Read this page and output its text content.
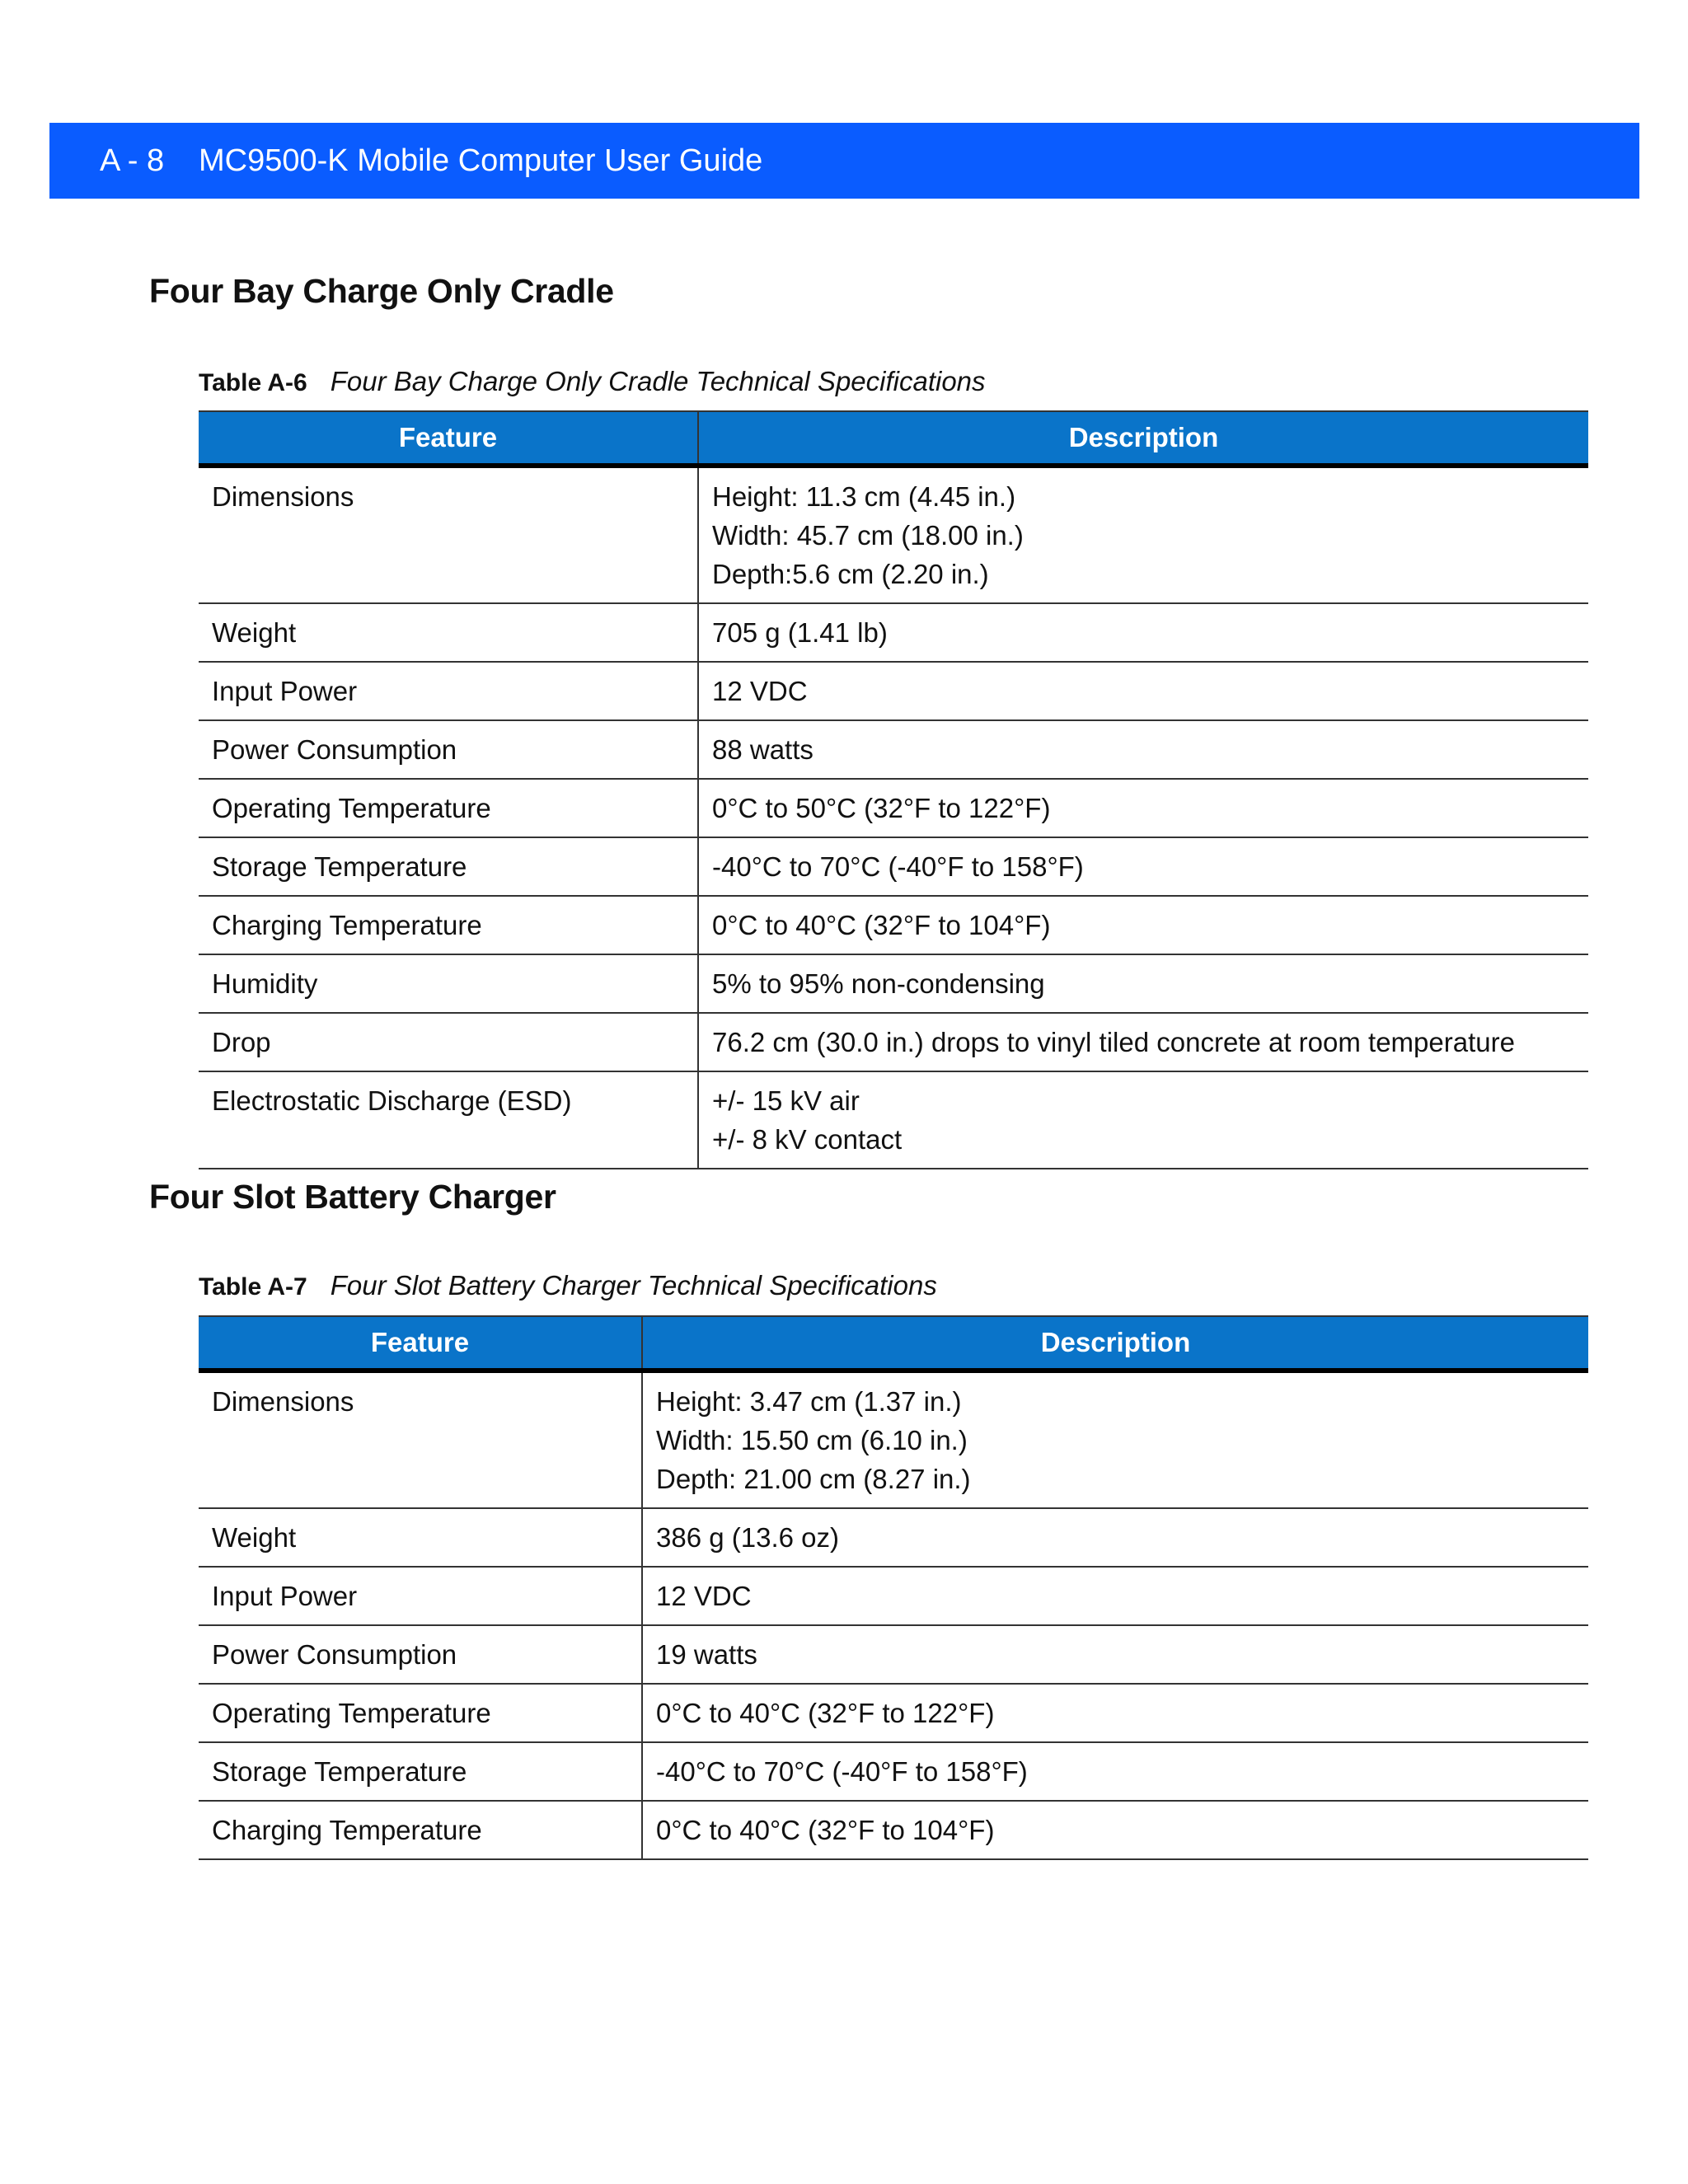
A - 8	MC9500-K Mobile Computer User Guide
Four Bay Charge Only Cradle
Table A-6 Four Bay Charge Only Cradle Technical Specifications
Feature	Description
Dimensions	Height: 11.3 cm (4.45 in.)
Width: 45.7 cm (18.00 in.)
Depth:5.6 cm (2.20 in.)

Weight	705 g (1.41 lb)

Input Power	12 VDC

Power Consumption	88 watts

Operating Temperature	0°C to 50°C (32°F to 122°F)

Storage Temperature	-40°C to 70°C (-40°F to 158°F)

Charging Temperature	0°C to 40°C (32°F to 104°F)

Humidity	5% to 95% non-condensing

Drop	76.2 cm (30.0 in.) drops to vinyl tiled concrete at room temperature

Electrostatic Discharge (ESD)	+/- 15 kV air
+/- 8 kV contact
Four Slot Battery Charger
Table A-7 Four Slot Battery Charger Technical Specifications
Feature	Description
Dimensions	Height: 3.47 cm (1.37 in.)
Width: 15.50 cm (6.10 in.)
Depth: 21.00 cm (8.27 in.)

Weight	386 g (13.6 oz)

Input Power	12 VDC

Power Consumption	19 watts

Operating Temperature	0°C to 40°C (32°F to 122°F)

Storage Temperature	-40°C to 70°C (-40°F to 158°F)

Charging Temperature	0°C to 40°C (32°F to 104°F)
